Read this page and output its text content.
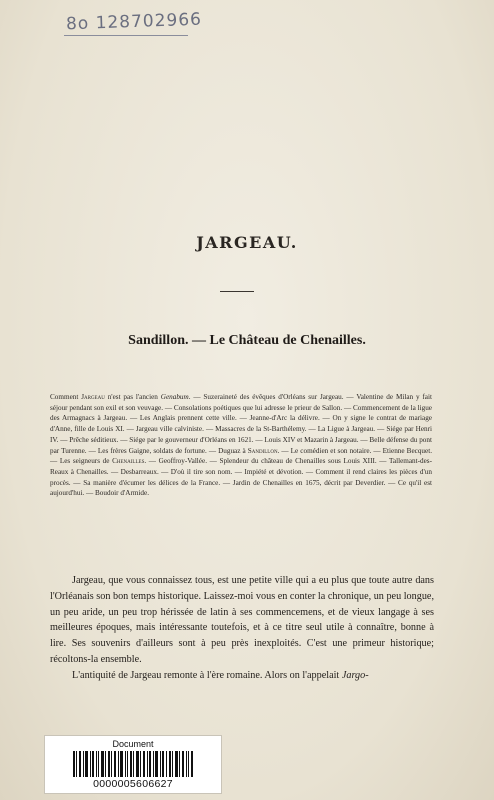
8o 128702966
JARGEAU.
Sandillon. — Le Château de Chenailles.
Comment Jargeau n'est pas l'ancien Genabum. — Suzeraineté des évêques d'Orléans sur Jargeau. — Valentine de Milan y fait séjour pendant son exil et son veuvage. — Consolations poétiques que lui adresse le prieur de Sallon. — Commencement de la ligue des Armagnacs à Jargeau. — Les Anglais prennent cette ville. — Jeanne-d'Arc la délivre. — On y signe le contrat de mariage d'Anne, fille de Louis XI. — Jargeau ville calviniste. — Massacres de la St-Barthélemy. — La Ligue à Jargeau. — Siége par Henri IV. — Prêche séditieux. — Siége par le gouverneur d'Orléans en 1621. — Louis XIV et Mazarin à Jargeau. — Belle défense du pont par Turenne. — Les frères Gaigne, soldats de fortune. — Duguaz à Sandillon. — Le comédien et son notaire. — Etienne Becquet. — Les seigneurs de Chenailles. — Geoffroy-Vallée. — Splendeur du château de Chenailles sous Louis XIII. — Tallemant-des-Reaux à Chenailles. — Desbarreaux. — D'où il tire son nom. — Impiété et dévotion. — Comment il rend claires les pièces d'un procès. — Sa manière d'écumer les délices de la France. — Jardin de Chenailles en 1675, décrit par Deverdier. — Ce qu'il est aujourd'hui. — Boudoir d'Armide.

Jargeau, que vous connaissez tous, est une petite ville qui a eu plus que toute autre dans l'Orléanais son bon temps historique. Laissez-moi vous en conter la chronique, un peu longue, un peu aride, un peu trop hérissée de latin à ses commencemens, et de vieux langage à ses meilleures époques, mais intéressante toutefois, et à ce titre seul utile à connaître, bonne à lire. Ses souvenirs d'ailleurs sont à peu près inexploités. C'est une primeur historique; récoltons-la ensemble.

L'antiquité de Jargeau remonte à l'ère romaine. Alors on l'appelait Jargo-

Document
0000005606627
